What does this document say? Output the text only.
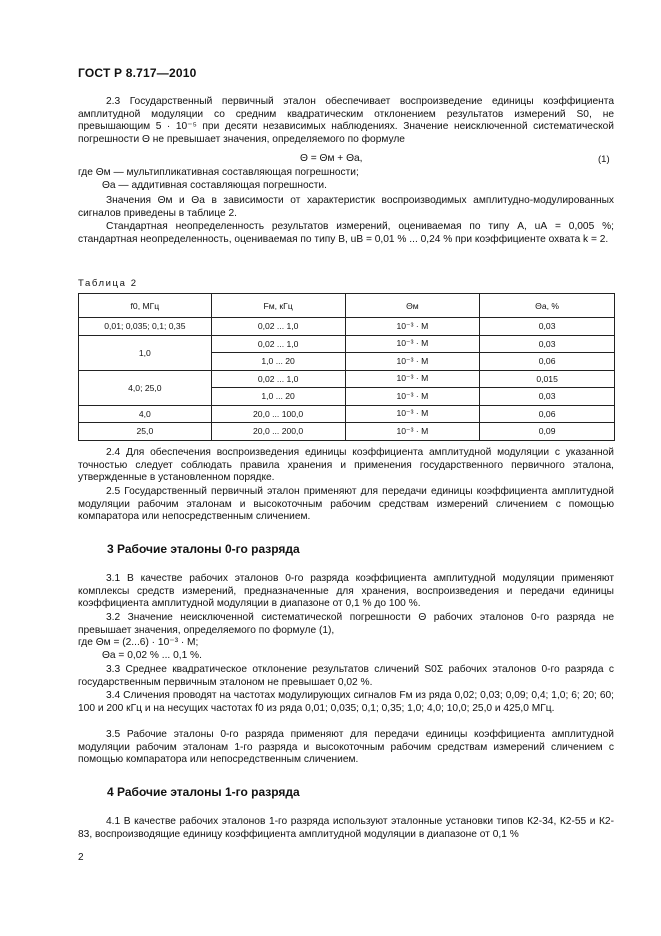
ГОСТ Р 8.717—2010
2.3 Государственный первичный эталон обеспечивает воспроизведение единицы коэффициента амплитудной модуляции со средним квадратическим отклонением результатов измерений S0, не превышающим 5 · 10⁻⁵ при десяти независимых наблюдениях. Значение неисключенной систематической погрешности Θ не превышает значения, определяемого по формуле
Θ = Θм + Θа,	(1)
где Θм — мультипликативная составляющая погрешности;
Θа — аддитивная составляющая погрешности.
Значения Θм и Θа в зависимости от характеристик воспроизводимых амплитудно-модулированных сигналов приведены в таблице 2.
Стандартная неопределенность результатов измерений, оцениваемая по типу А, uА = 0,005 %; стандартная неопределенность, оцениваемая по типу В, uВ = 0,01 % ... 0,24 % при коэффициенте охвата k = 2.
Таблица 2
f0, МГц	Fм, кГц	Θм	Θа, %
0,01; 0,035; 0,1; 0,35	0,02 ... 1,0	10⁻³ · M	0,03
1,0	0,02 ... 1,0	10⁻³ · M	0,03
	1,0 ... 20	10⁻³ · M	0,06
4,0; 25,0	0,02 ... 1,0	10⁻³ · M	0,015
	1,0 ... 20	10⁻³ · M	0,03
4,0	20,0 ... 100,0	10⁻³ · M	0,06
25,0	20,0 ... 200,0	10⁻³ · M	0,09
2.4 Для обеспечения воспроизведения единицы коэффициента амплитудной модуляции с указанной точностью следует соблюдать правила хранения и применения государственного первичного эталона, утвержденные в установленном порядке.
2.5 Государственный первичный эталон применяют для передачи единицы коэффициента амплитудной модуляции рабочим эталонам и высокоточным рабочим средствам измерений сличением с помощью компаратора или непосредственным сличением.
3 Рабочие эталоны 0-го разряда
3.1 В качестве рабочих эталонов 0-го разряда коэффициента амплитудной модуляции применяют комплексы средств измерений, предназначенные для хранения, воспроизведения и передачи единицы коэффициента амплитудной модуляции в диапазоне от 0,1 % до 100 %.
3.2 Значение неисключенной систематической погрешности Θ рабочих эталонов 0-го разряда не превышает значения, определяемого по формуле (1),
где Θм = (2...6) · 10⁻³ · M;
Θа = 0,02 % ... 0,1 %.
3.3 Среднее квадратическое отклонение результатов сличений S0Σ рабочих эталонов 0-го разряда с государственным первичным эталоном не превышает 0,02 %.
3.4 Сличения проводят на частотах модулирующих сигналов Fм из ряда 0,02; 0,03; 0,09; 0,4; 1,0; 6; 20; 60; 100 и 200 кГц и на несущих частотах f0 из ряда 0,01; 0,035; 0,1; 0,35; 1,0; 4,0; 10,0; 25,0 и 425,0 МГц.
3.5 Рабочие эталоны 0-го разряда применяют для передачи единицы коэффициента амплитудной модуляции рабочим эталонам 1-го разряда и высокоточным рабочим средствам измерений сличением с помощью компаратора или непосредственным сличением.
4 Рабочие эталоны 1-го разряда
4.1 В качестве рабочих эталонов 1-го разряда используют эталонные установки типов К2-34, К2-55 и К2-83, воспроизводящие единицу коэффициента амплитудной модуляции в диапазоне от 0,1 %
2
